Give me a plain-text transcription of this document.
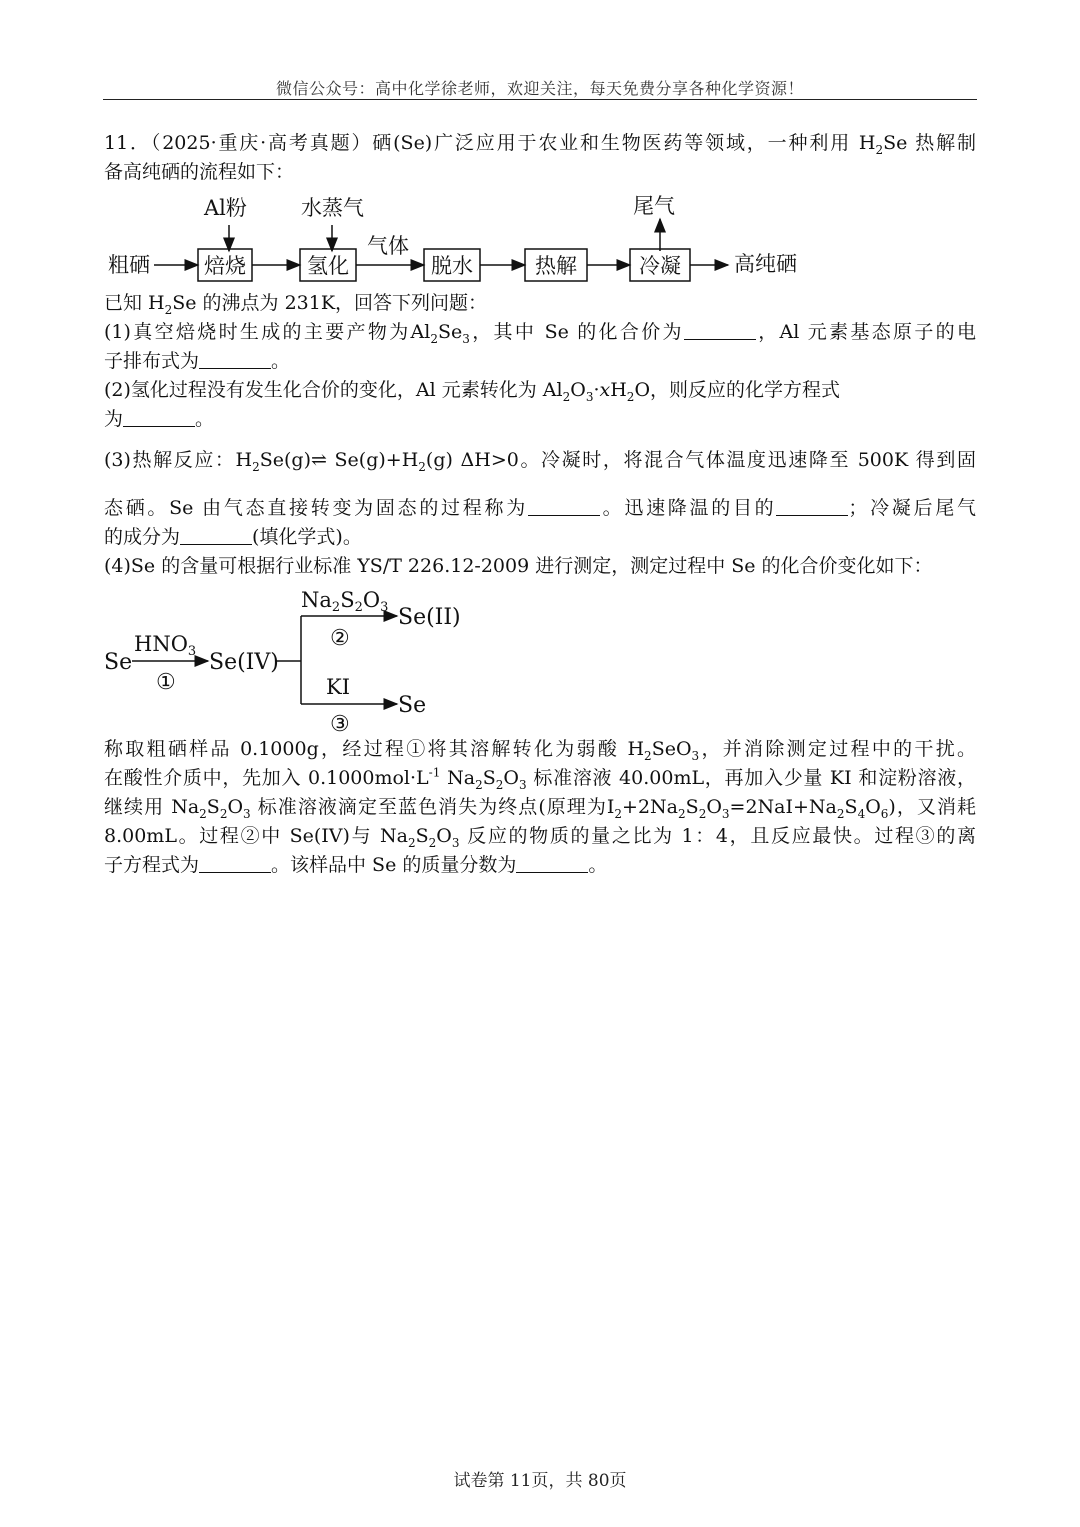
微信公众号：高中化学徐老师，欢迎关注，每天免费分享各种化学资源！
11．（2025·重庆·高考真题）硒(Se)广泛应用于农业和生物医药等领域，一种利用 $H_2Se$ 热解制
备高纯硒的流程如下：
Al粉	水蒸气	尾气
粗硒	焙烧	氢化
气体
脱水	热解	冷凝	高纯硒
已知 $H_2Se$ 的沸点为 231K，回答下列问题：
(1)真空焙烧时生成的主要产物为$Al_2Se_3$，其中 Se 的化合价为	，Al 元素基态原子的电
子排布式为	。
(2)氢化过程没有发生化合价的变化，Al 元素转化为 $Al_2O_3\cdot xH_2O$，则反应的化学方程式
为	。
(3)热解反应：$H_2Se(g)\rightleftharpoons$ $Se(g)+H_2(g)$ ΔH>0。冷凝时，将混合气体温度迅速降至 500K 得到固
态硒。Se 由气态直接转变为固态的过程称为	。迅速降温的目的	；冷凝后尾气
的成分为	(填化学式)。
(4)Se 的含量可根据行业标准 YS/T 226.12-2009 进行测定，测定过程中 Se 的化合价变化如下：
Se
HNO3
①
Se(IV)
Na2S2O3
②
Se(II)
KI
③
Se
称取粗硒样品 0.1000g，经过程①将其溶解转化为弱酸 $H_2SeO_3$，并消除测定过程中的干扰。
在酸性介质中，先加入 $0.1000mol\cdot L^{-1}$ $Na_2S_2O_3$ 标准溶液 40.00mL，再加入少量 KI 和淀粉溶液，
继续用 $Na_2S_2O_3$ 标准溶液滴定至蓝色消失为终点(原理为$I_2+2Na_2S_2O_3=2NaI+Na_2S_4O_6$)，又消耗
8.00mL。过程②中 Se(IV)与 $Na_2S_2O_3$ 反应的物质的量之比为 1：4，且反应最快。过程③的离
子方程式为	。该样品中 Se 的质量分数为	。
试卷第 11页，共 80页
